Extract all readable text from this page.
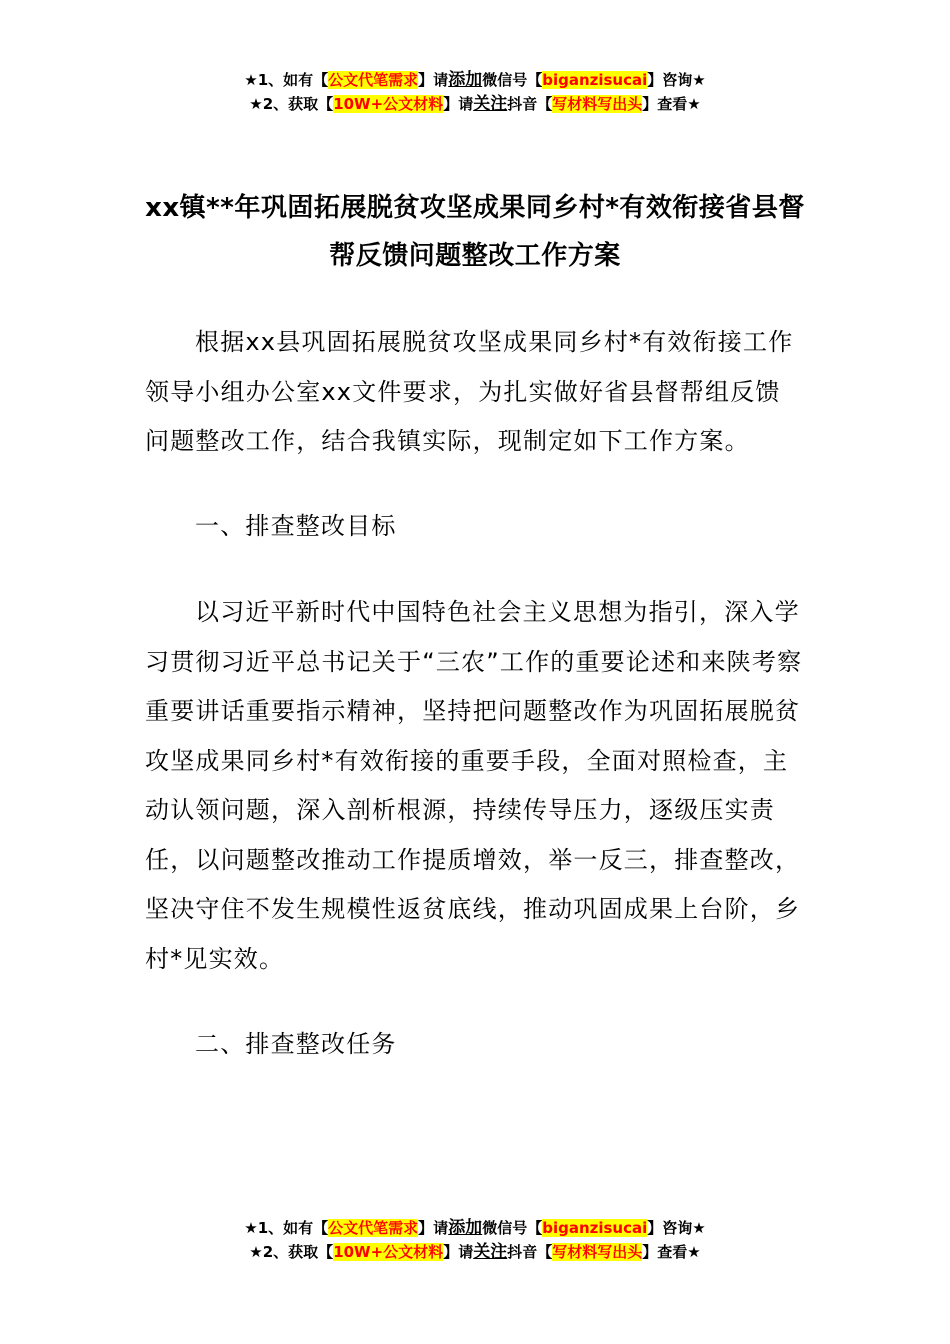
★1、如有【公文代笔需求】请添加微信号【biganzisucai】咨询★
★2、获取【10W+公文材料】请关注抖音【写材料写出头】查看★
xx镇**年巩固拓展脱贫攻坚成果同乡村*有效衔接省县督
帮反馈问题整改工作方案

根据xx县巩固拓展脱贫攻坚成果同乡村*有效衔接工作领导小组办公室xx文件要求，为扎实做好省县督帮组反馈问题整改工作，结合我镇实际，现制定如下工作方案。

一、排查整改目标

以习近平新时代中国特色社会主义思想为指引，深入学习贯彻习近平总书记关于“三农”工作的重要论述和来陕考察重要讲话重要指示精神，坚持把问题整改作为巩固拓展脱贫攻坚成果同乡村*有效衔接的重要手段，全面对照检查，主动认领问题，深入剖析根源，持续传导压力，逐级压实责任，以问题整改推动工作提质增效，举一反三，排查整改，坚决守住不发生规模性返贫底线，推动巩固成果上台阶，乡村*见实效。

二、排查整改任务

★1、如有【公文代笔需求】请添加微信号【biganzisucai】咨询★
★2、获取【10W+公文材料】请关注抖音【写材料写出头】查看★
